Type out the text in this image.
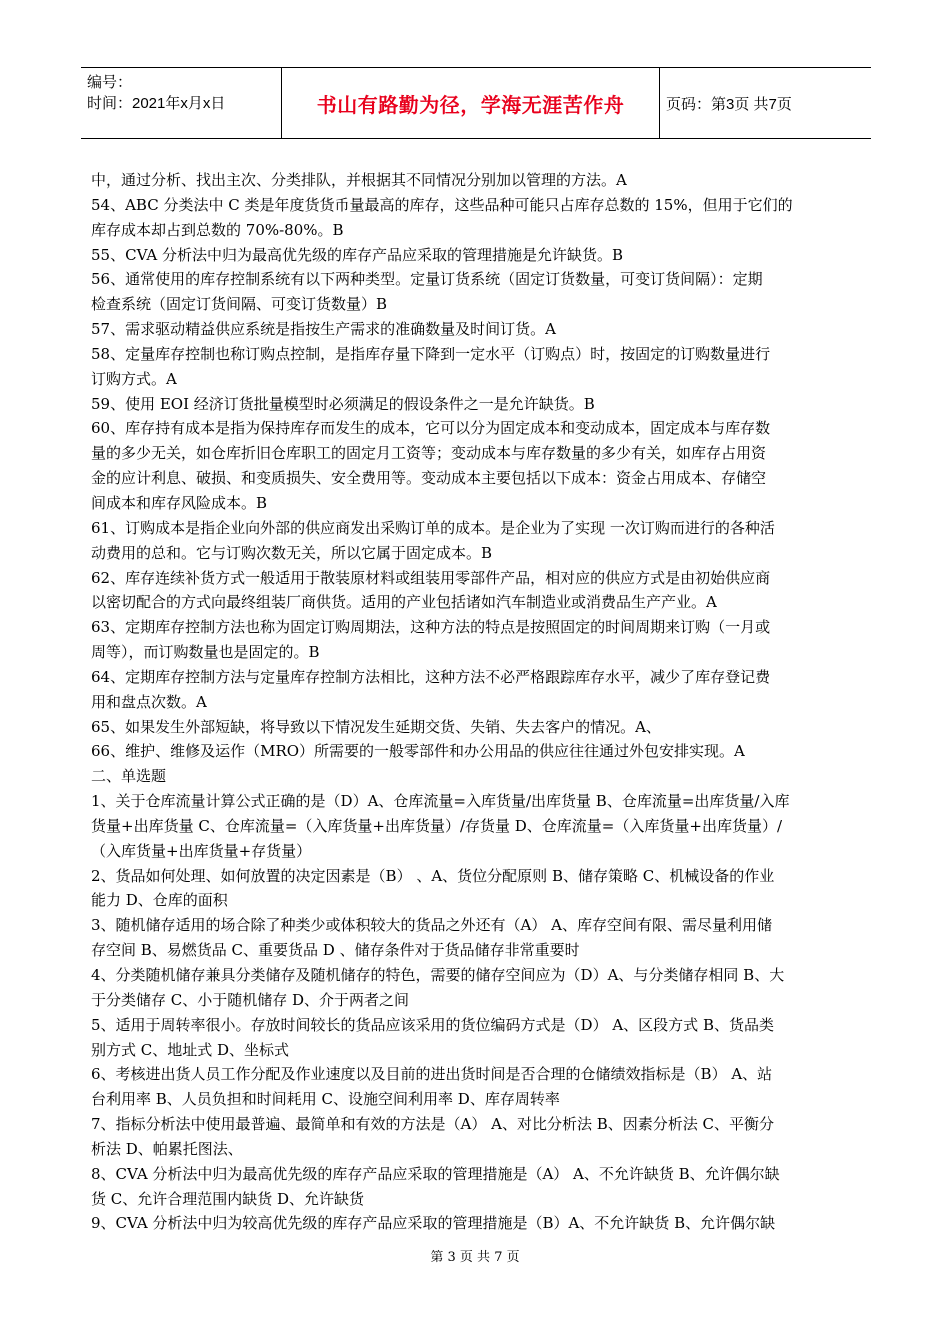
编号：
时间：2021年x月x日	书山有路勤为径，学海无涯苦作舟	页码：第3页 共7页

中，通过分析、找出主次、分类排队，并根据其不同情况分别加以管理的方法。A

54、ABC 分类法中 C 类是年度货货币量最高的库存，这些品种可能只占库存总数的 15%，但用于它们的

库存成本却占到总数的 70%-80%。B

55、CVA 分析法中归为最高优先级的库存产品应采取的管理措施是允许缺货。B

56、通常使用的库存控制系统有以下两种类型。定量订货系统（固定订货数量，可变订货间隔）：定期

检查系统（固定订货间隔、可变订货数量）B

57、需求驱动精益供应系统是指按生产需求的准确数量及时间订货。A

58、定量库存控制也称订购点控制，是指库存量下降到一定水平（订购点）时，按固定的订购数量进行

订购方式。A

59、使用 EOI 经济订货批量模型时必须满足的假设条件之一是允许缺货。B

60、库存持有成本是指为保持库存而发生的成本，它可以分为固定成本和变动成本，固定成本与库存数

量的多少无关，如仓库折旧仓库职工的固定月工资等；变动成本与库存数量的多少有关，如库存占用资

金的应计利息、破损、和变质损失、安全费用等。变动成本主要包括以下成本：资金占用成本、存储空

间成本和库存风险成本。B

61、订购成本是指企业向外部的供应商发出采购订单的成本。是企业为了实现 一次订购而进行的各种活

动费用的总和。它与订购次数无关，所以它属于固定成本。B

62、库存连续补货方式一般适用于散装原材料或组装用零部件产品，相对应的供应方式是由初始供应商

以密切配合的方式向最终组装厂商供货。适用的产业包括诸如汽车制造业或消费品生产产业。A

63、定期库存控制方法也称为固定订购周期法，这种方法的特点是按照固定的时间周期来订购（一月或

周等），而订购数量也是固定的。B

64、定期库存控制方法与定量库存控制方法相比，这种方法不必严格跟踪库存水平，减少了库存登记费

用和盘点次数。A

65、如果发生外部短缺，将导致以下情况发生延期交货、失销、失去客户的情况。A、

66、维护、维修及运作（MRO）所需要的一般零部件和办公用品的供应往往通过外包安排实现。A

二、单选题

1、关于仓库流量计算公式正确的是（D）A、仓库流量=入库货量/出库货量 B、仓库流量=出库货量/入库

货量+出库货量 C、仓库流量=（入库货量+出库货量）/存货量 D、仓库流量=（入库货量+出库货量）/

（入库货量+出库货量+存货量）

2、货品如何处理、如何放置的决定因素是（B） 、A、货位分配原则 B、储存策略 C、机械设备的作业

能力 D、仓库的面积

3、随机储存适用的场合除了种类少或体积较大的货品之外还有（A） A、库存空间有限、需尽量利用储

存空间 B、易燃货品 C、重要货品 D 、储存条件对于货品储存非常重要时

4、分类随机储存兼具分类储存及随机储存的特色，需要的储存空间应为（D）A、与分类储存相同 B、大

于分类储存 C、小于随机储存 D、介于两者之间

5、适用于周转率很小。存放时间较长的货品应该采用的货位编码方式是（D） A、区段方式 B、货品类

别方式 C、地址式 D、坐标式

6、考核进出货人员工作分配及作业速度以及目前的进出货时间是否合理的仓储绩效指标是（B） A、站

台利用率 B、人员负担和时间耗用 C、设施空间利用率 D、库存周转率

7、指标分析法中使用最普遍、最简单和有效的方法是（A） A、对比分析法 B、因素分析法 C、平衡分

析法 D、帕累托图法、

8、CVA 分析法中归为最高优先级的库存产品应采取的管理措施是（A） A、不允许缺货 B、允许偶尔缺

货 C、允许合理范围内缺货 D、允许缺货

9、CVA 分析法中归为较高优先级的库存产品应采取的管理措施是（B）A、不允许缺货 B、允许偶尔缺

第 3 页 共 7 页
